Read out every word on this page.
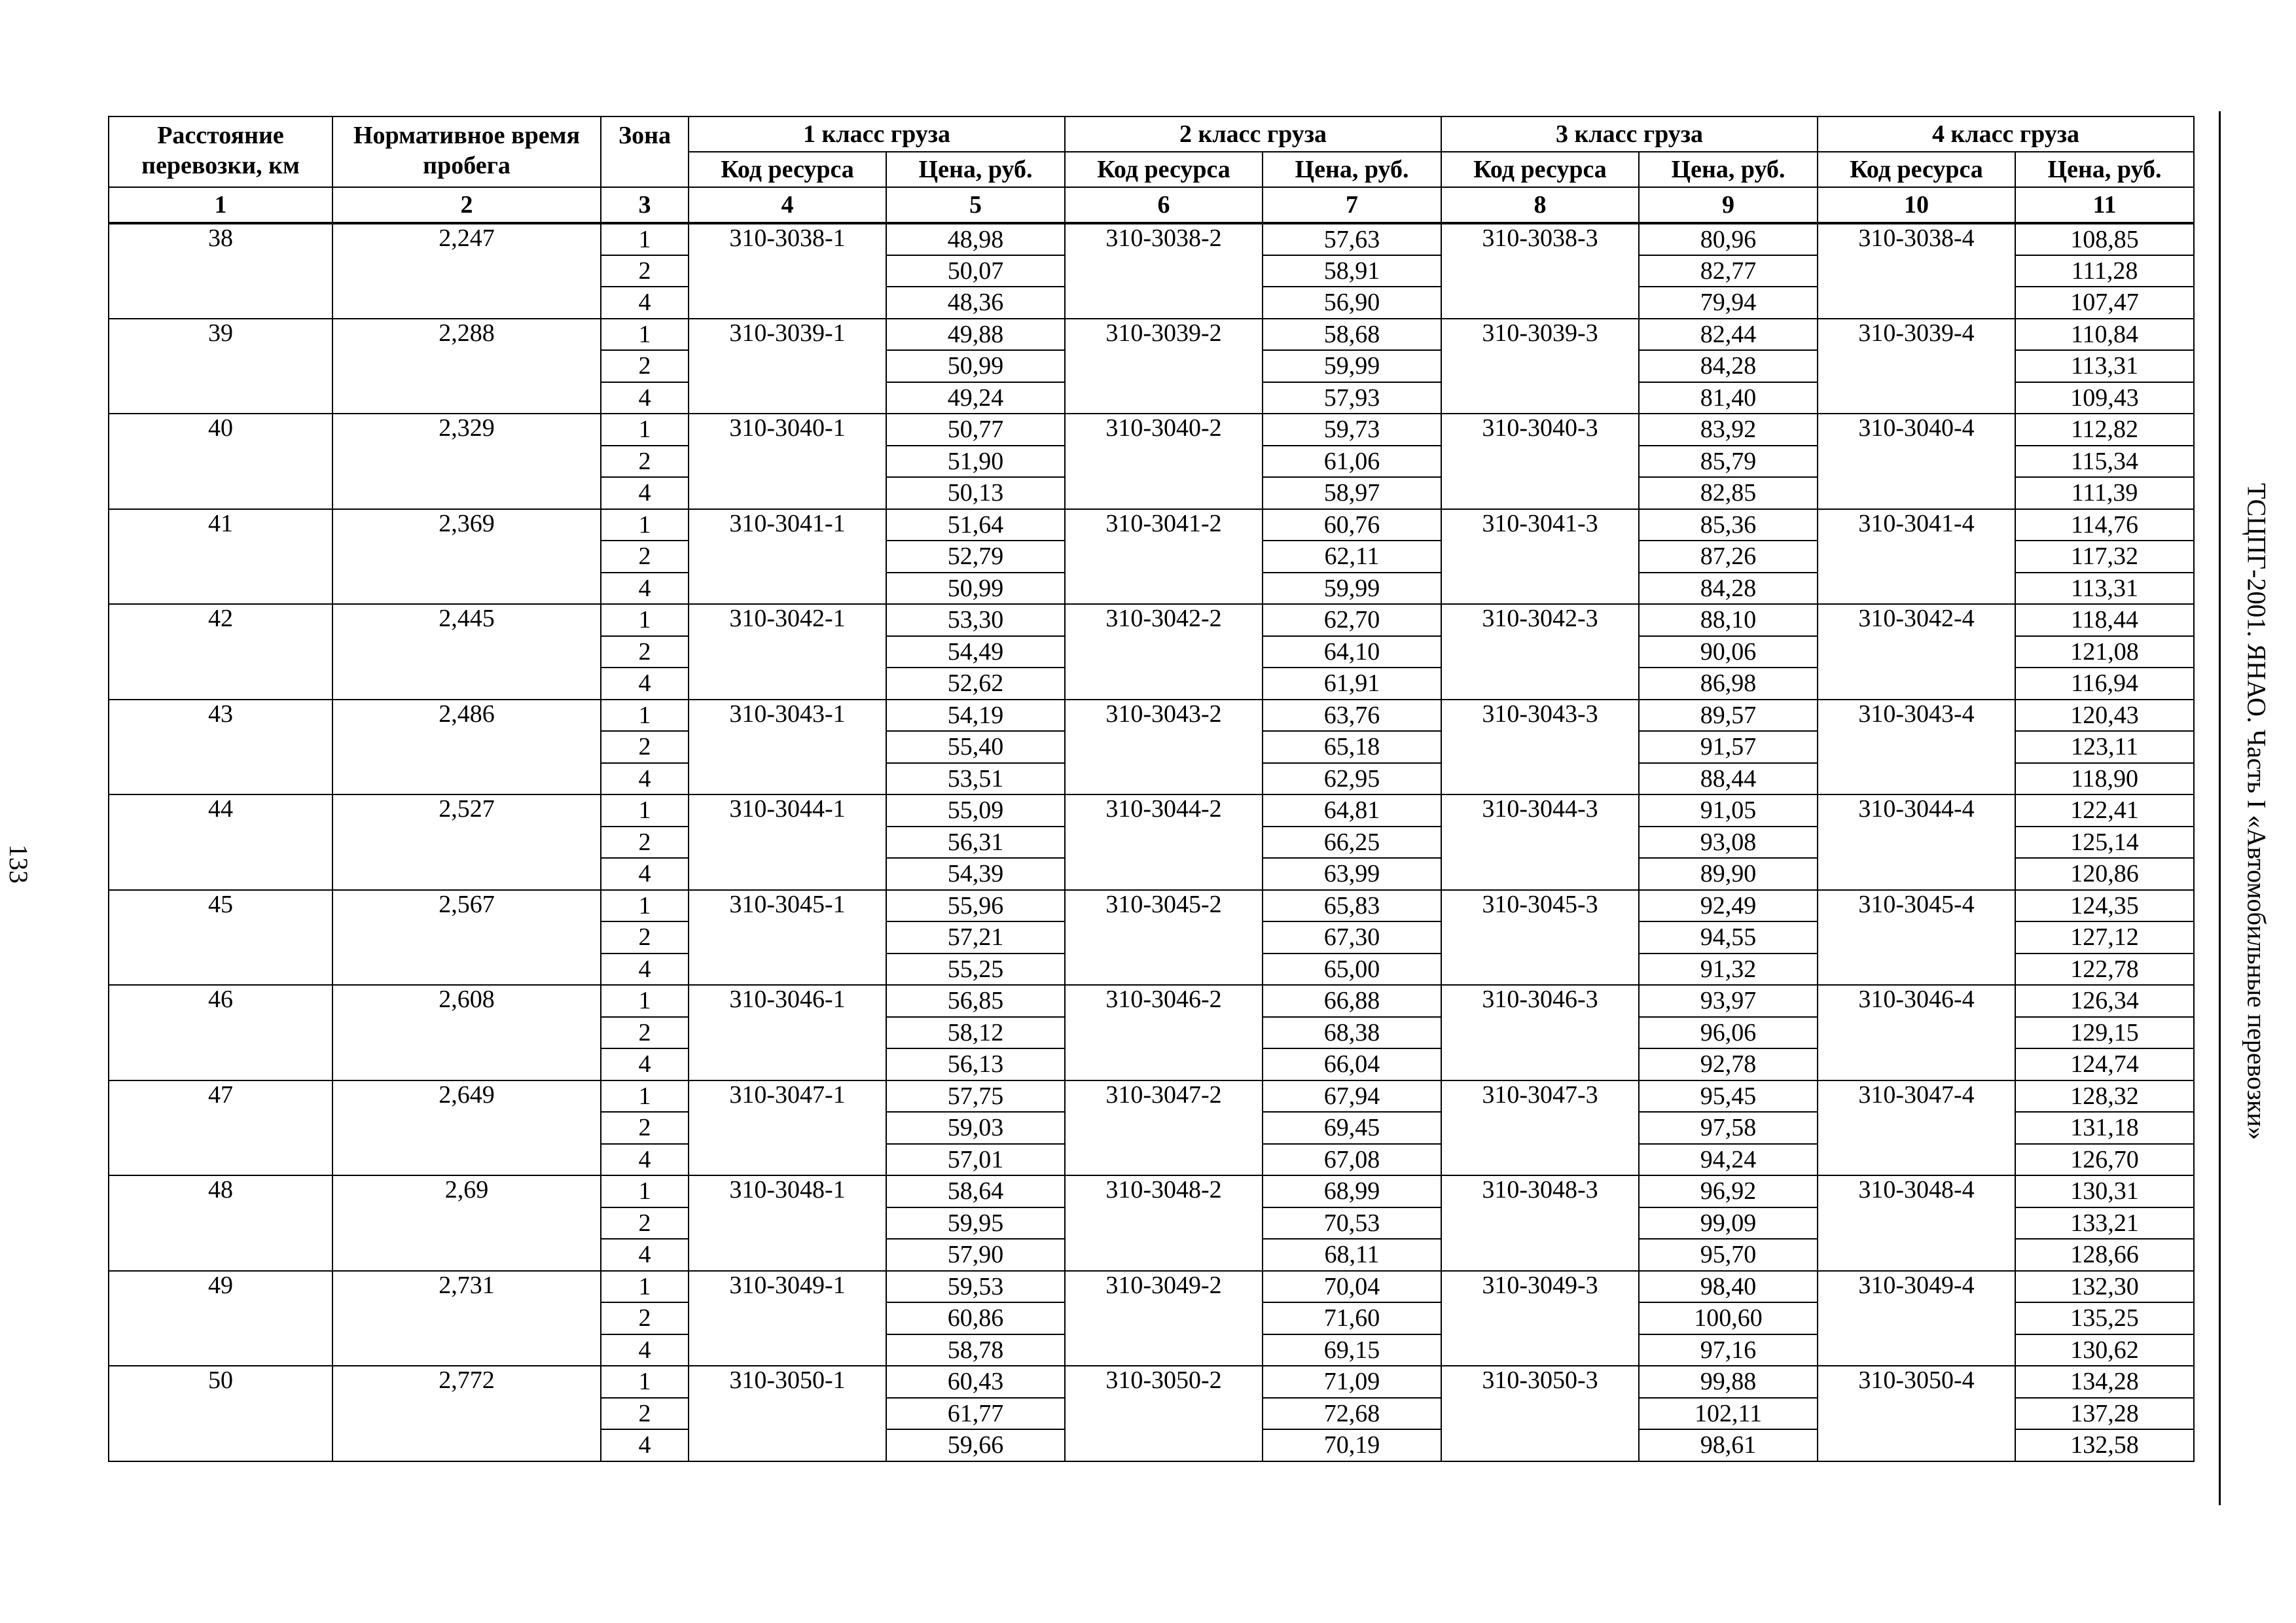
133	ТСЦПГ-2001. ЯНАО. Часть I «Автомобильные перевозки»
Расстояние перевозки, км	Нормативное время пробега	Зона	1 класс груза		2 класс груза		3 класс груза		4 класс груза	
			Код ресурса	Цена, руб.	Код ресурса	Цена, руб.	Код ресурса	Цена, руб.	Код ресурса	Цена, руб.
1	2	3	4	5	6	7	8	9	10	11
38	2,247	1	310-3038-1	48,98	310-3038-2	57,63	310-3038-3	80,96	310-3038-4	108,85
		2		50,07		58,91		82,77		111,28
		4		48,36		56,90		79,94		107,47
39	2,288	1	310-3039-1	49,88	310-3039-2	58,68	310-3039-3	82,44	310-3039-4	110,84
		2		50,99		59,99		84,28		113,31
		4		49,24		57,93		81,40		109,43
40	2,329	1	310-3040-1	50,77	310-3040-2	59,73	310-3040-3	83,92	310-3040-4	112,82
		2		51,90		61,06		85,79		115,34
		4		50,13		58,97		82,85		111,39
41	2,369	1	310-3041-1	51,64	310-3041-2	60,76	310-3041-3	85,36	310-3041-4	114,76
		2		52,79		62,11		87,26		117,32
		4		50,99		59,99		84,28		113,31
42	2,445	1	310-3042-1	53,30	310-3042-2	62,70	310-3042-3	88,10	310-3042-4	118,44
		2		54,49		64,10		90,06		121,08
		4		52,62		61,91		86,98		116,94
43	2,486	1	310-3043-1	54,19	310-3043-2	63,76	310-3043-3	89,57	310-3043-4	120,43
		2		55,40		65,18		91,57		123,11
		4		53,51		62,95		88,44		118,90
44	2,527	1	310-3044-1	55,09	310-3044-2	64,81	310-3044-3	91,05	310-3044-4	122,41
		2		56,31		66,25		93,08		125,14
		4		54,39		63,99		89,90		120,86
45	2,567	1	310-3045-1	55,96	310-3045-2	65,83	310-3045-3	92,49	310-3045-4	124,35
		2		57,21		67,30		94,55		127,12
		4		55,25		65,00		91,32		122,78
46	2,608	1	310-3046-1	56,85	310-3046-2	66,88	310-3046-3	93,97	310-3046-4	126,34
		2		58,12		68,38		96,06		129,15
		4		56,13		66,04		92,78		124,74
47	2,649	1	310-3047-1	57,75	310-3047-2	67,94	310-3047-3	95,45	310-3047-4	128,32
		2		59,03		69,45		97,58		131,18
		4		57,01		67,08		94,24		126,70
48	2,69	1	310-3048-1	58,64	310-3048-2	68,99	310-3048-3	96,92	310-3048-4	130,31
		2		59,95		70,53		99,09		133,21
		4		57,90		68,11		95,70		128,66
49	2,731	1	310-3049-1	59,53	310-3049-2	70,04	310-3049-3	98,40	310-3049-4	132,30
		2		60,86		71,60		100,60		135,25
		4		58,78		69,15		97,16		130,62
50	2,772	1	310-3050-1	60,43	310-3050-2	71,09	310-3050-3	99,88	310-3050-4	134,28
		2		61,77		72,68		102,11		137,28
		4		59,66		70,19		98,61		132,58
